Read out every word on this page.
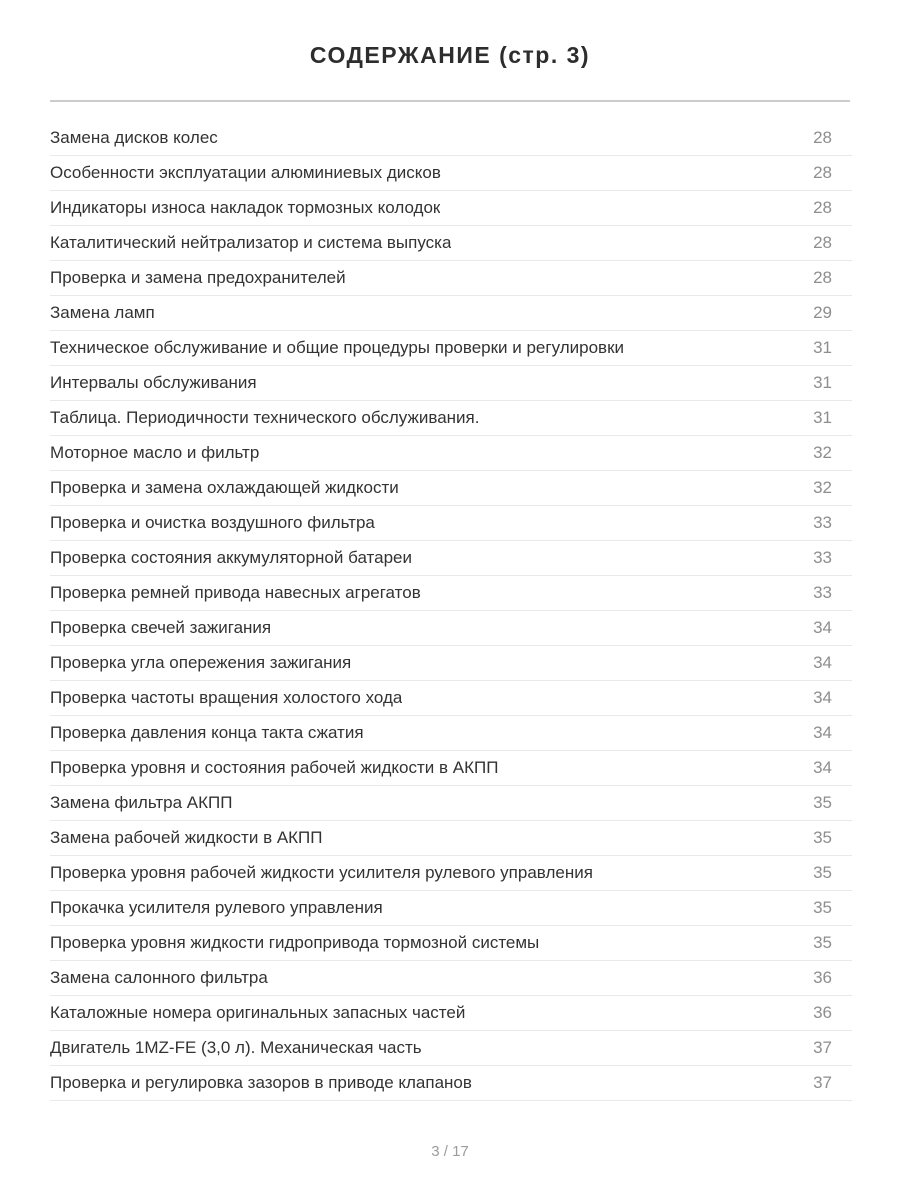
СОДЕРЖАНИЕ (стр. 3)
Замена дисков колес	28
Особенности эксплуатации алюминиевых дисков	28
Индикаторы износа накладок тормозных колодок	28
Каталитический нейтрализатор и система выпуска	28
Проверка и замена предохранителей	28
Замена ламп	29
Техническое обслуживание и общие процедуры проверки и регулировки	31
Интервалы обслуживания	31
Таблица. Периодичности технического обслуживания.	31
Моторное масло и фильтр	32
Проверка и замена охлаждающей жидкости	32
Проверка и очистка воздушного фильтра	33
Проверка состояния аккумуляторной батареи	33
Проверка ремней привода навесных агрегатов	33
Проверка свечей зажигания	34
Проверка угла опережения зажигания	34
Проверка частоты вращения холостого хода	34
Проверка давления конца такта сжатия	34
Проверка уровня и состояния рабочей жидкости в АКПП	34
Замена фильтра АКПП	35
Замена рабочей жидкости в АКПП	35
Проверка уровня рабочей жидкости усилителя рулевого управления	35
Прокачка усилителя рулевого управления	35
Проверка уровня жидкости гидропривода тормозной системы	35
Замена салонного фильтра	36
Каталожные номера оригинальных запасных частей	36
Двигатель 1MZ-FE (3,0 л). Механическая часть	37
Проверка и регулировка зазоров в приводе клапанов	37
3 / 17
